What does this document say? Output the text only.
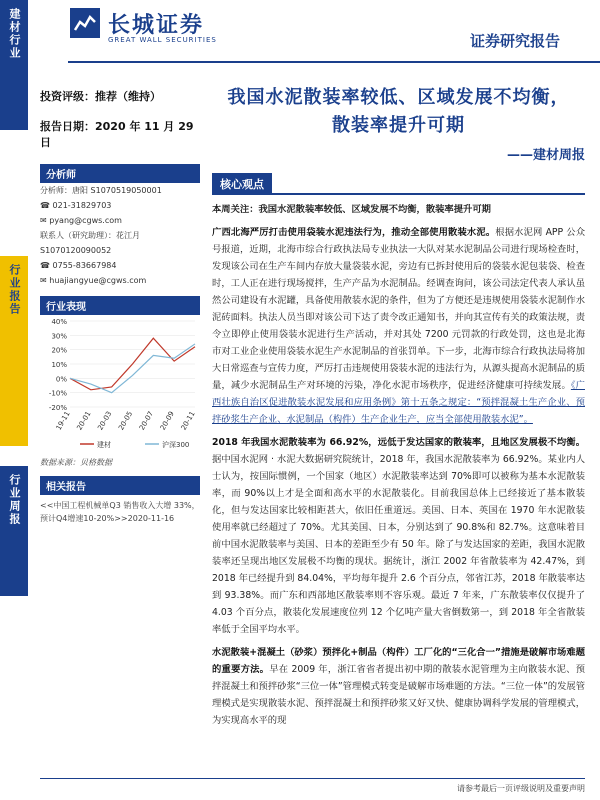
建材行业
行业报告
行业周报
长城证券
GREAT WALL SECURITIES	证券研究报告
投资评级：推荐（维持）
报告日期：2020 年 11 月 29 日
分析师
分析师：唐阳 S1070519050001
☎ 021-31829703
✉ pyang@cgws.com
联系人（研究助理）：花江月
S1070120090052
☎ 0755-83667984
✉ huajiangyue@cgws.com
行业表现
40%
30%
20%
10%
0%
-10%
-20%
19-11 20-01 20-03 20-05 20-07 20-09 20-11
建材	沪深300
数据来源：贝格数据
相关报告
<<中国工程机械单Q3 销售收入大增 33%，预计Q4增速10-20%>>2020-11-16
我国水泥散装率较低、区域发展不均衡，
散装率提升可期
——建材周报
核心观点

本周关注：我国水泥散装率较低、区域发展不均衡，散装率提升可期

广西北海严厉打击使用袋装水泥违法行为，推动全部使用散装水泥。根据水泥网 APP 公众号报道，近期，北海市综合行政执法局专业执法一大队对某水泥制品公司进行现场检查时，发现该公司在生产车间内存放大量袋装水泥，旁边有已拆封使用后的袋装水泥包装袋、检查时，工人正在进行现场搅拌，生产产品为水泥制品。经调查询问，该公司法定代表人承认虽然公司建设有水泥罐，具备使用散装水泥的条件，但为了方便还是违规使用袋装水泥制作水泥砖面料。执法人员当即对该公司下达了责令改正通知书，并向其宣传有关的政策法规，责令立即停止使用袋装水泥进行生产活动，并对其处 7200 元罚款的行政处罚，这也是北海市对工业企业使用袋装水泥生产水泥制品的首张罚单。下一步，北海市综合行政执法局将加大日常巡查与宣传力度，严厉打击违规使用袋装水泥的违法行为，从源头提高水泥制品的质量，减少水泥制品生产对环境的污染，净化水泥市场秩序，促进经济健康可持续发展。《广西壮族自治区促进散装水泥发展和应用条例》第十五条之规定：“预拌混凝土生产企业、预拌砂浆生产企业、水泥制品（构件）生产企业生产，应当全部使用散装水泥”。

2018 年我国水泥散装率为 66.92%，远低于发达国家的散装率，且地区发展极不均衡。据中国水泥网 · 水泥大数据研究院统计，2018 年，我国水泥散装率为 66.92%。某业内人士认为，按国际惯例，一个国家（地区）水泥散装率达到 70%即可以被称为基本水泥散装率，而 90%以上才是全面和高水平的水泥散装化。目前我国总体上已经接近了基本散装化，但与发达国家比较相距甚大，依旧任重道远。美国、日本、英国在 1970 年水泥散装使用率就已经超过了 70%。尤其美国、日本，分别达到了 90.8%和 82.7%。这意味着目前中国水泥散装率与美国、日本的差距至少有 50 年。除了与发达国家的差距，我国水泥散装率还呈现出地区发展极不均衡的现状。据统计，浙江 2002 年省散装率为 42.47%，到 2018 年已经提升到 84.04%，平均每年提升 2.6 个百分点，邻省江苏，2018 年散装率达到 93.38%。而广东和西部地区散装率则不容乐观。最近 7 年来，广东散装率仅仅提升了 4.03 个百分点，散装化发展速度位列 12 个亿吨产量大省倒数第一，到 2018 年全省散装率低于全国平均水平。

水泥散装+混凝土（砂浆）预拌化+制品（构件）工厂化的“三化合一”措施是破解市场难题的重要方法。早在 2009 年，浙江省省者提出初中期的散装水泥管理为主向散装水泥、预拌混凝土和预拌砂浆“三位一体”管理模式转变是破解市场难题的方法。“三位一体”的发展管理模式是实现散装水泥、预拌混凝土和预拌砂浆又好又快、健康协调科学发展的管理模式，为实现高水平的现

请参考最后一页评级说明及重要声明
